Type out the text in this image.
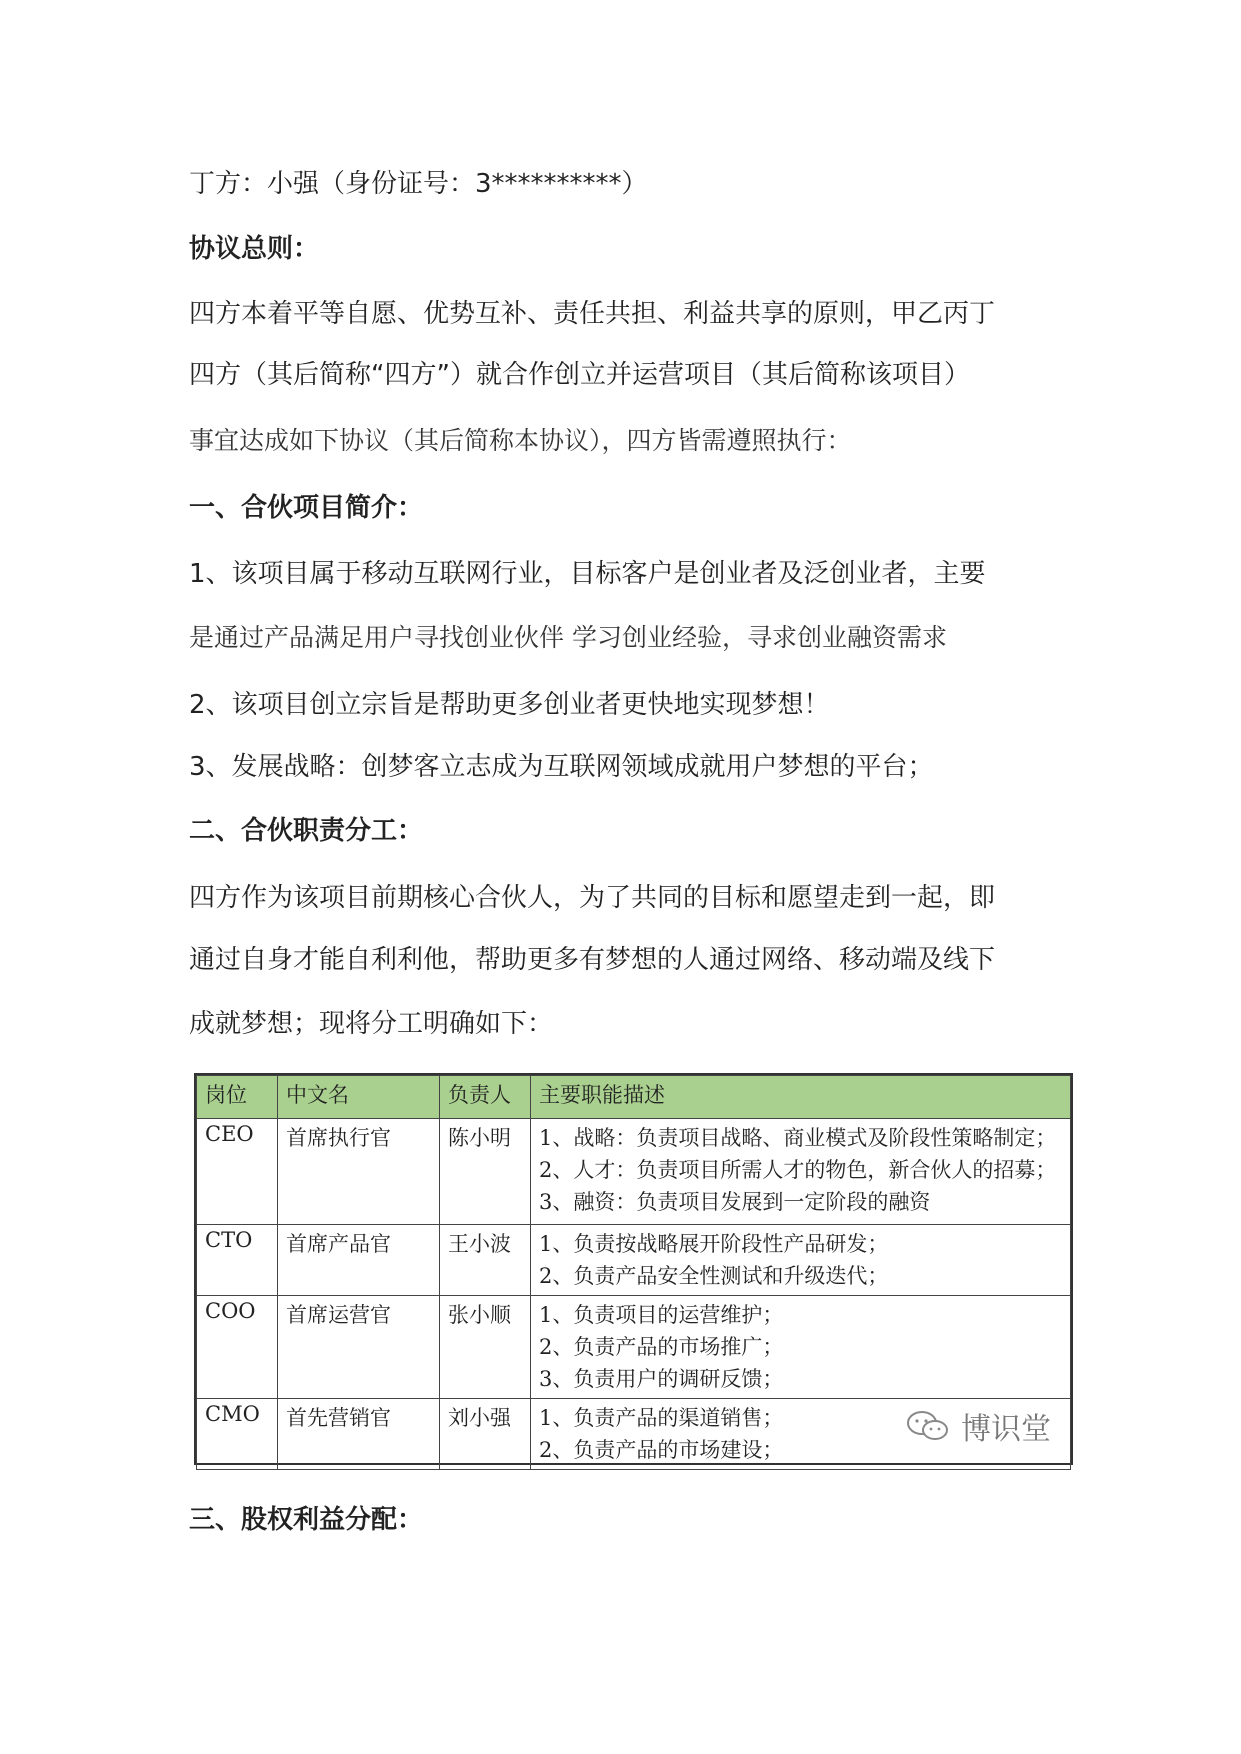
丁方：小强（身份证号：3**********）
协议总则：
四方本着平等自愿、优势互补、责任共担、利益共享的原则，甲乙丙丁
四方（其后简称“四方”）就合作创立并运营项目（其后简称该项目）
事宜达成如下协议（其后简称本协议），四方皆需遵照执行：
一、合伙项目简介：
1、该项目属于移动互联网行业，目标客户是创业者及泛创业者，主要
是通过产品满足用户寻找创业伙伴 学习创业经验，寻求创业融资需求
2、该项目创立宗旨是帮助更多创业者更快地实现梦想！
3、发展战略：创梦客立志成为互联网领域成就用户梦想的平台；
二、合伙职责分工：
四方作为该项目前期核心合伙人，为了共同的目标和愿望走到一起，即
通过自身才能自利利他，帮助更多有梦想的人通过网络、移动端及线下
成就梦想；现将分工明确如下：
岗位	中文名	负责人	主要职能描述
CEO	首席执行官	陈小明	1、战略：负责项目战略、商业模式及阶段性策略制定；
2、人才：负责项目所需人才的物色，新合伙人的招募；
3、融资：负责项目发展到一定阶段的融资

CTO	首席产品官	王小波	1、负责按战略展开阶段性产品研发；
2、负责产品安全性测试和升级迭代；

COO	首席运营官	张小顺	1、负责项目的运营维护；
2、负责产品的市场推广；
3、负责用户的调研反馈；

CMO	首先营销官	刘小强	1、负责产品的渠道销售；
2、负责产品的市场建设；
博识堂
三、股权利益分配：
